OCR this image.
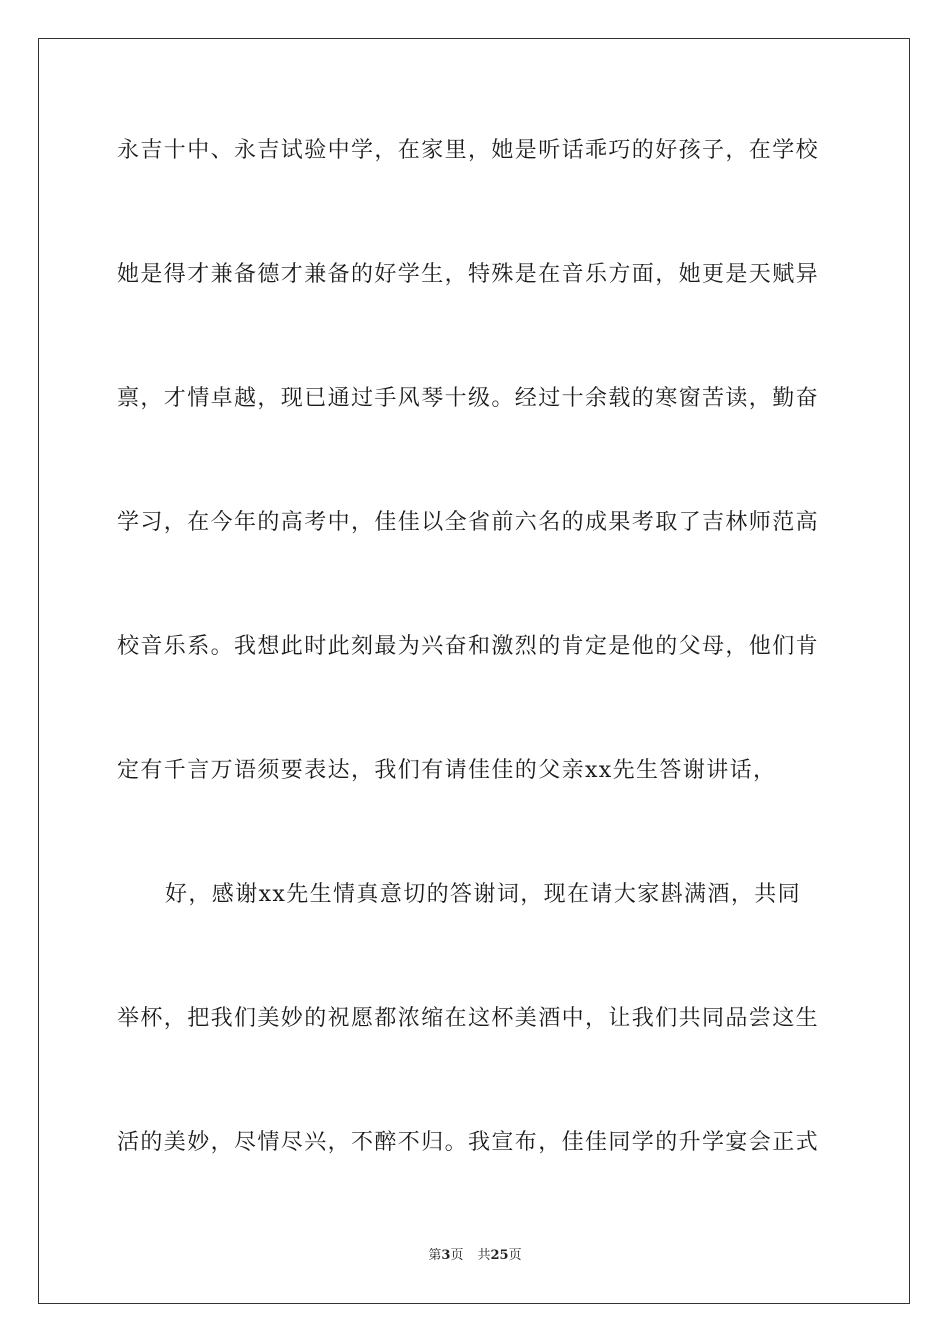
永吉十中、永吉试验中学，在家里，她是听话乖巧的好孩子，在学校
她是得才兼备德才兼备的好学生，特殊是在音乐方面，她更是天赋异
禀，才情卓越，现已通过手风琴十级。经过十余载的寒窗苦读，勤奋
学习，在今年的高考中，佳佳以全省前六名的成果考取了吉林师范高
校音乐系。我想此时此刻最为兴奋和激烈的肯定是他的父母，他们肯
定有千言万语须要表达，我们有请佳佳的父亲xx先生答谢讲话，
好，感谢xx先生情真意切的答谢词，现在请大家斟满酒，共同
举杯，把我们美妙的祝愿都浓缩在这杯美酒中，让我们共同品尝这生
活的美妙，尽情尽兴，不醉不归。我宣布，佳佳同学的升学宴会正式
第3页 共25页
